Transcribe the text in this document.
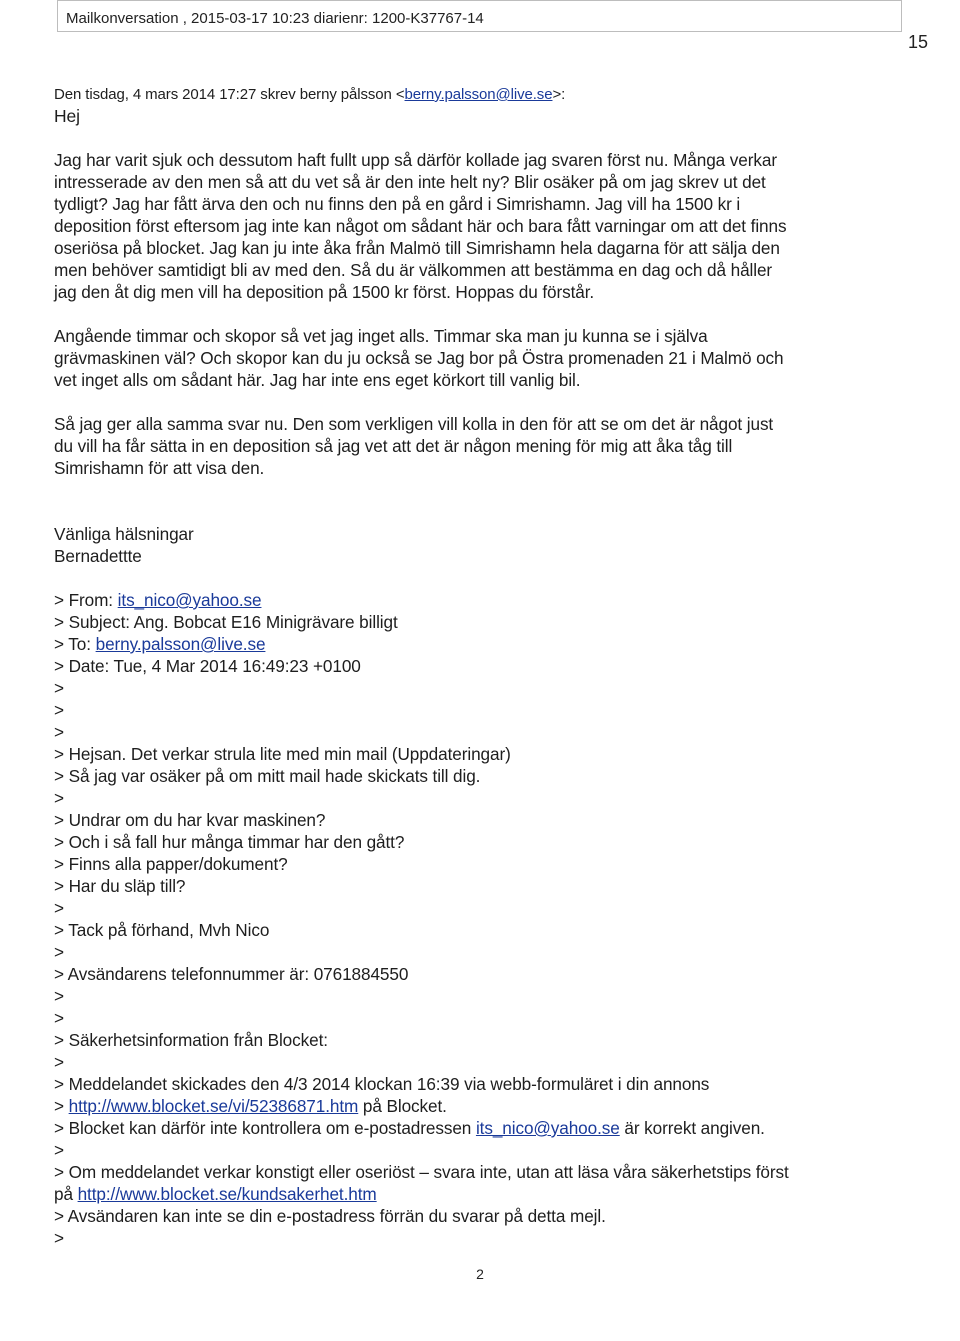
Mailkonversation , 2015-03-17 10:23 diarienr: 1200-K37767-14
15
Den tisdag, 4 mars 2014 17:27 skrev berny pålsson <berny.palsson@live.se>:
Hej
Jag har varit sjuk och dessutom haft fullt upp så därför kollade jag svaren först nu. Många verkar
intresserade av den men så att du vet så är den inte helt ny? Blir osäker på om jag skrev ut det
tydligt? Jag har fått ärva den och nu finns den på en gård i Simrishamn. Jag vill ha 1500 kr i
deposition först eftersom jag inte kan något om sådant här och bara fått varningar om att det finns
oseriösa på blocket. Jag kan ju inte åka från Malmö till Simrishamn hela dagarna för att sälja den
men behöver samtidigt bli av med den. Så du är välkommen att bestämma en dag och då håller
jag den åt dig men vill ha deposition på 1500 kr först. Hoppas du förstår.
Angående timmar och skopor så vet jag inget alls. Timmar ska man ju kunna se i själva
grävmaskinen väl? Och skopor kan du ju också se Jag bor på Östra promenaden 21 i Malmö och
vet inget alls om sådant här. Jag har inte ens eget körkort till vanlig bil.
Så jag ger alla samma svar nu. Den som verkligen vill kolla in den för att se om det är något just
du vill ha får sätta in en deposition så jag vet att det är någon mening för mig att åka tåg till
Simrishamn för att visa den.
Vänliga hälsningar
Bernadettte
> From: its_nico@yahoo.se
> Subject: Ang. Bobcat E16 Minigrävare billigt
> To: berny.palsson@live.se
> Date: Tue, 4 Mar 2014 16:49:23 +0100
>
>
>
> Hejsan. Det verkar strula lite med min mail (Uppdateringar)
> Så jag var osäker på om mitt mail hade skickats till dig.
>
> Undrar om du har kvar maskinen?
> Och i så fall hur många timmar har den gått?
> Finns alla papper/dokument?
> Har du släp till?
>
> Tack på förhand, Mvh Nico
>
> Avsändarens telefonnummer är: 0761884550
>
>
> Säkerhetsinformation från Blocket:
>
> Meddelandet skickades den 4/3 2014 klockan 16:39 via webb-formuläret i din annons
> http://www.blocket.se/vi/52386871.htm på Blocket.
> Blocket kan därför inte kontrollera om e-postadressen its_nico@yahoo.se är korrekt angiven.
>
> Om meddelandet verkar konstigt eller oseriöst – svara inte, utan att läsa våra säkerhetstips först
på http://www.blocket.se/kundsakerhet.htm
> Avsändaren kan inte se din e-postadress förrän du svarar på detta mejl.
>
2
